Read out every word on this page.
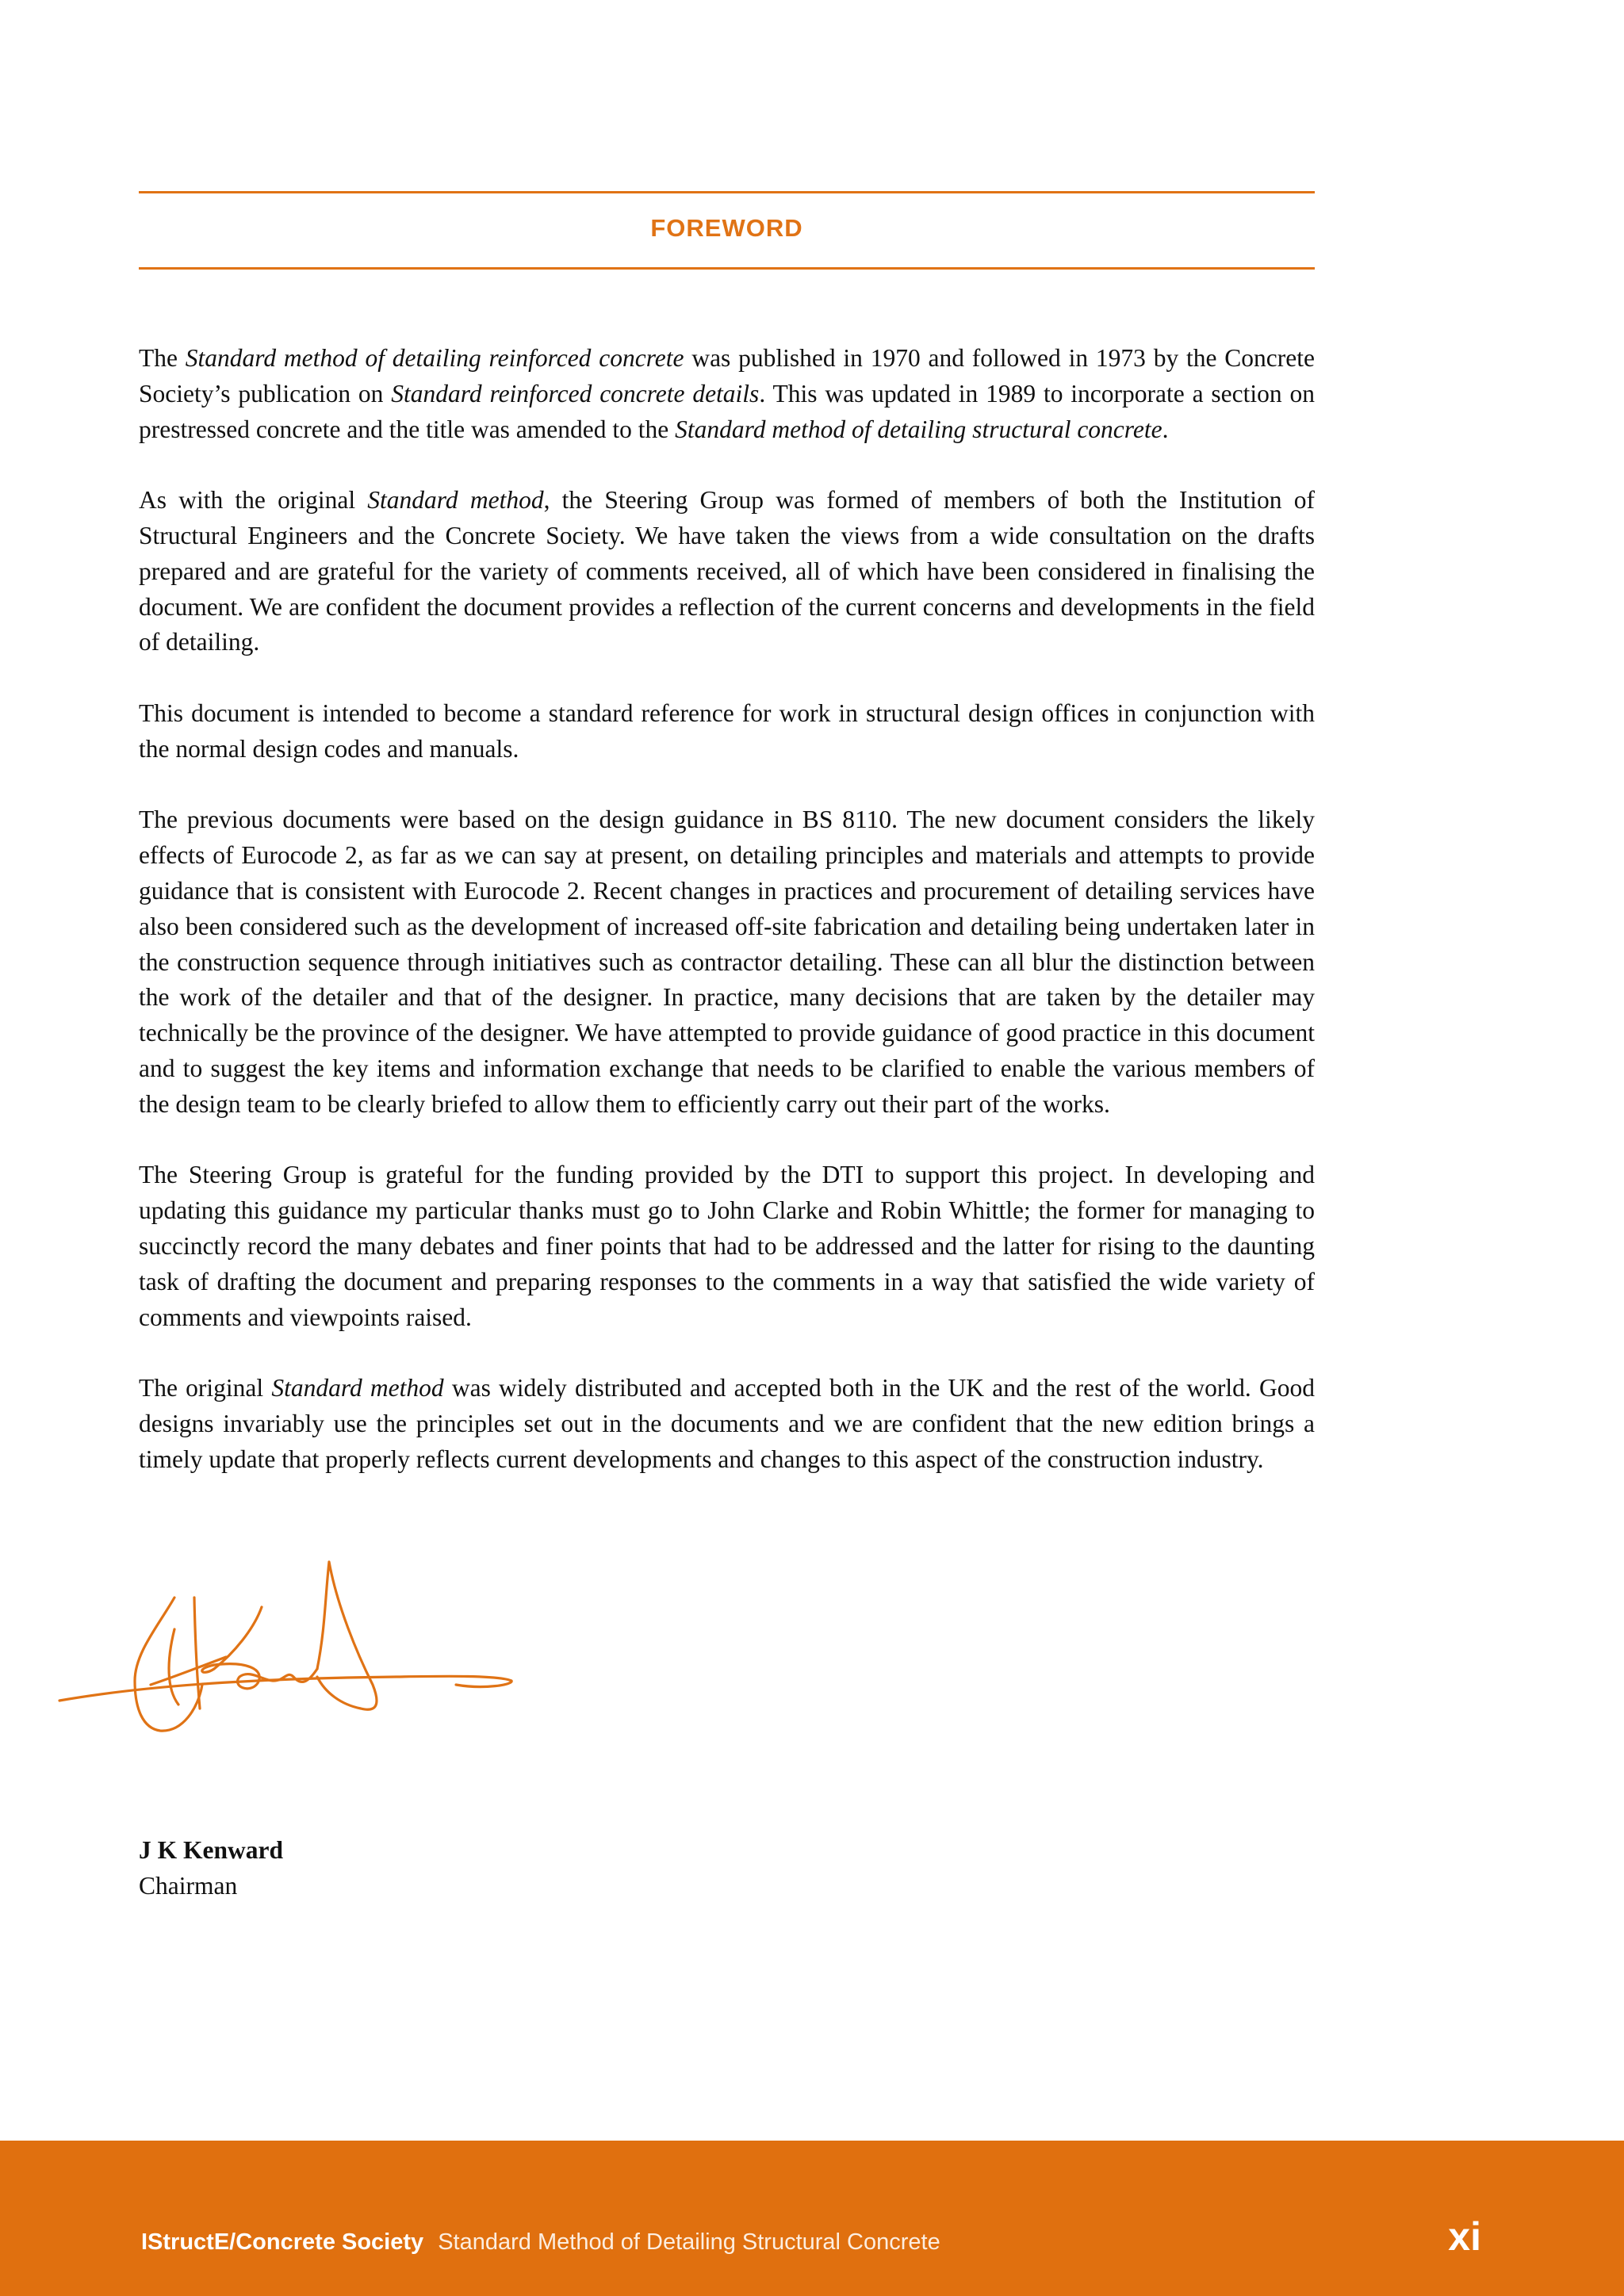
FOREWORD

The Standard method of detailing reinforced concrete was published in 1970 and followed in 1973 by the Concrete Society’s publication on Standard reinforced concrete details. This was updated in 1989 to incorporate a section on prestressed concrete and the title was amended to the Standard method of detailing structural concrete.

As with the original Standard method, the Steering Group was formed of members of both the Institution of Structural Engineers and the Concrete Society. We have taken the views from a wide consultation on the drafts prepared and are grateful for the variety of comments received, all of which have been considered in finalising the document. We are confident the document provides a reflection of the current concerns and developments in the field of detailing.

This document is intended to become a standard reference for work in structural design offices in conjunction with the normal design codes and manuals.

The previous documents were based on the design guidance in BS 8110. The new document considers the likely effects of Eurocode 2, as far as we can say at present, on detailing principles and materials and attempts to provide guidance that is consistent with Eurocode 2. Recent changes in practices and procurement of detailing services have also been considered such as the development of increased off-site fabrication and detailing being undertaken later in the construction sequence through initiatives such as contractor detailing. These can all blur the distinction between the work of the detailer and that of the designer. In practice, many decisions that are taken by the detailer may technically be the province of the designer. We have attempted to provide guidance of good practice in this document and to suggest the key items and information exchange that needs to be clarified to enable the various members of the design team to be clearly briefed to allow them to efficiently carry out their part of the works.

The Steering Group is grateful for the funding provided by the DTI to support this project. In developing and updating this guidance my particular thanks must go to John Clarke and Robin Whittle; the former for managing to succinctly record the many debates and finer points that had to be addressed and the latter for rising to the daunting task of drafting the document and preparing responses to the comments in a way that satisfied the wide variety of comments and viewpoints raised.

The original Standard method was widely distributed and accepted both in the UK and the rest of the world. Good designs invariably use the principles set out in the documents and we are confident that the new edition brings a timely update that properly reflects current developments and changes to this aspect of the construction industry.

J K Kenward
Chairman
IStructE/Concrete Society Standard Method of Detailing Structural Concrete	xi
